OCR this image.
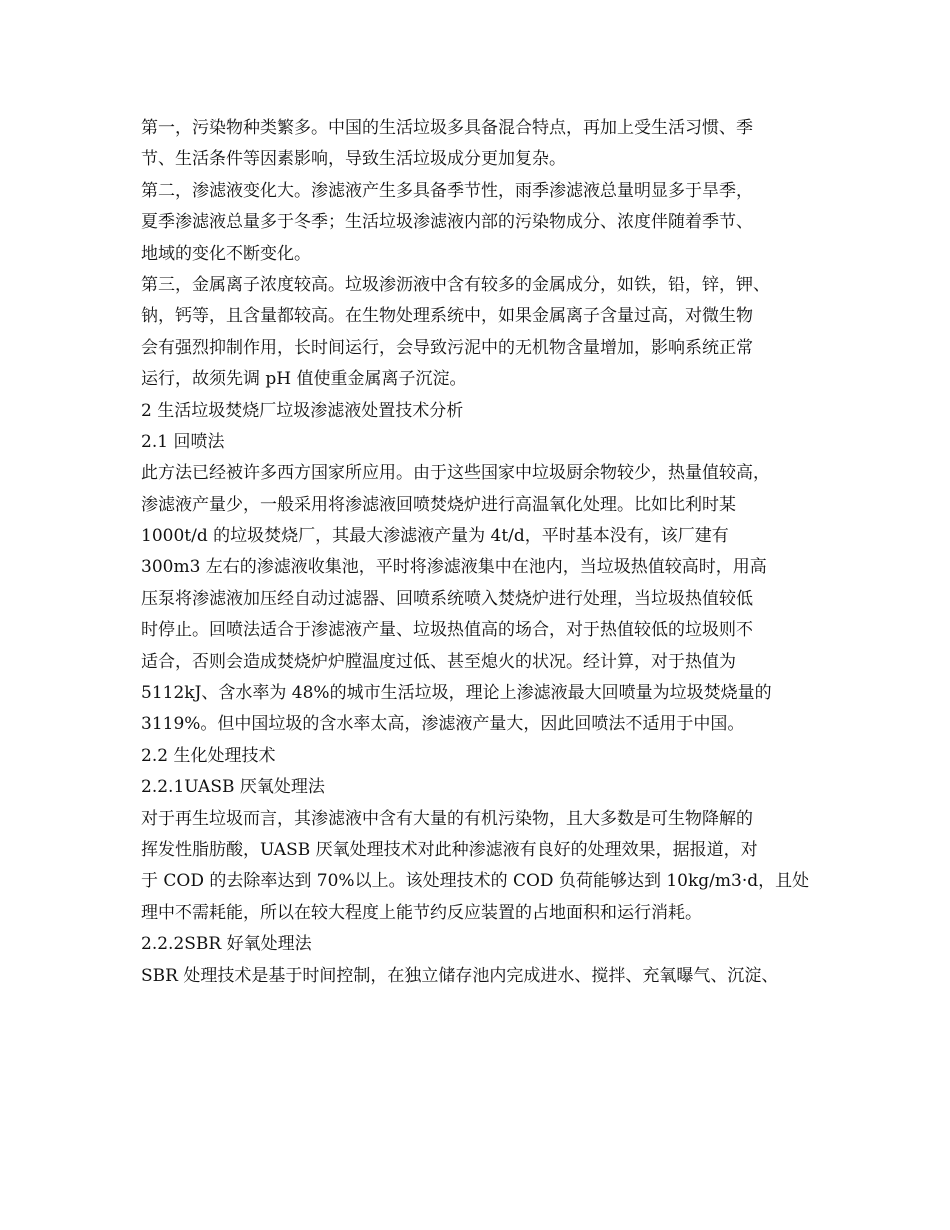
第一，污染物种类繁多。中国的生活垃圾多具备混合特点，再加上受生活习惯、季
节、生活条件等因素影响，导致生活垃圾成分更加复杂。
第二，渗滤液变化大。渗滤液产生多具备季节性，雨季渗滤液总量明显多于旱季，
夏季渗滤液总量多于冬季；生活垃圾渗滤液内部的污染物成分、浓度伴随着季节、
地域的变化不断变化。
第三，金属离子浓度较高。垃圾渗沥液中含有较多的金属成分，如铁，铅，锌，钾、
钠，钙等，且含量都较高。在生物处理系统中，如果金属离子含量过高，对微生物
会有强烈抑制作用，长时间运行，会导致污泥中的无机物含量增加，影响系统正常
运行，故须先调 pH 值使重金属离子沉淀。
2 生活垃圾焚烧厂垃圾渗滤液处置技术分析
2.1 回喷法
此方法已经被许多西方国家所应用。由于这些国家中垃圾厨余物较少，热量值较高，
渗滤液产量少，一般采用将渗滤液回喷焚烧炉进行高温氧化处理。比如比利时某
1000t/d 的垃圾焚烧厂，其最大渗滤液产量为 4t/d，平时基本没有，该厂建有
300m3 左右的渗滤液收集池，平时将渗滤液集中在池内，当垃圾热值较高时，用高
压泵将渗滤液加压经自动过滤器、回喷系统喷入焚烧炉进行处理，当垃圾热值较低
时停止。回喷法适合于渗滤液产量、垃圾热值高的场合，对于热值较低的垃圾则不
适合，否则会造成焚烧炉炉膛温度过低、甚至熄火的状况。经计算，对于热值为
5112kJ、含水率为 48%的城市生活垃圾，理论上渗滤液最大回喷量为垃圾焚烧量的
3119%。但中国垃圾的含水率太高，渗滤液产量大，因此回喷法不适用于中国。
2.2 生化处理技术
2.2.1UASB 厌氧处理法
对于再生垃圾而言，其渗滤液中含有大量的有机污染物，且大多数是可生物降解的
挥发性脂肪酸，UASB 厌氧处理技术对此种渗滤液有良好的处理效果，据报道，对
于 COD 的去除率达到 70%以上。该处理技术的 COD 负荷能够达到 10kg/m3·d，且处
理中不需耗能，所以在较大程度上能节约反应装置的占地面积和运行消耗。
2.2.2SBR 好氧处理法
SBR 处理技术是基于时间控制，在独立储存池内完成进水、搅拌、充氧曝气、沉淀、
